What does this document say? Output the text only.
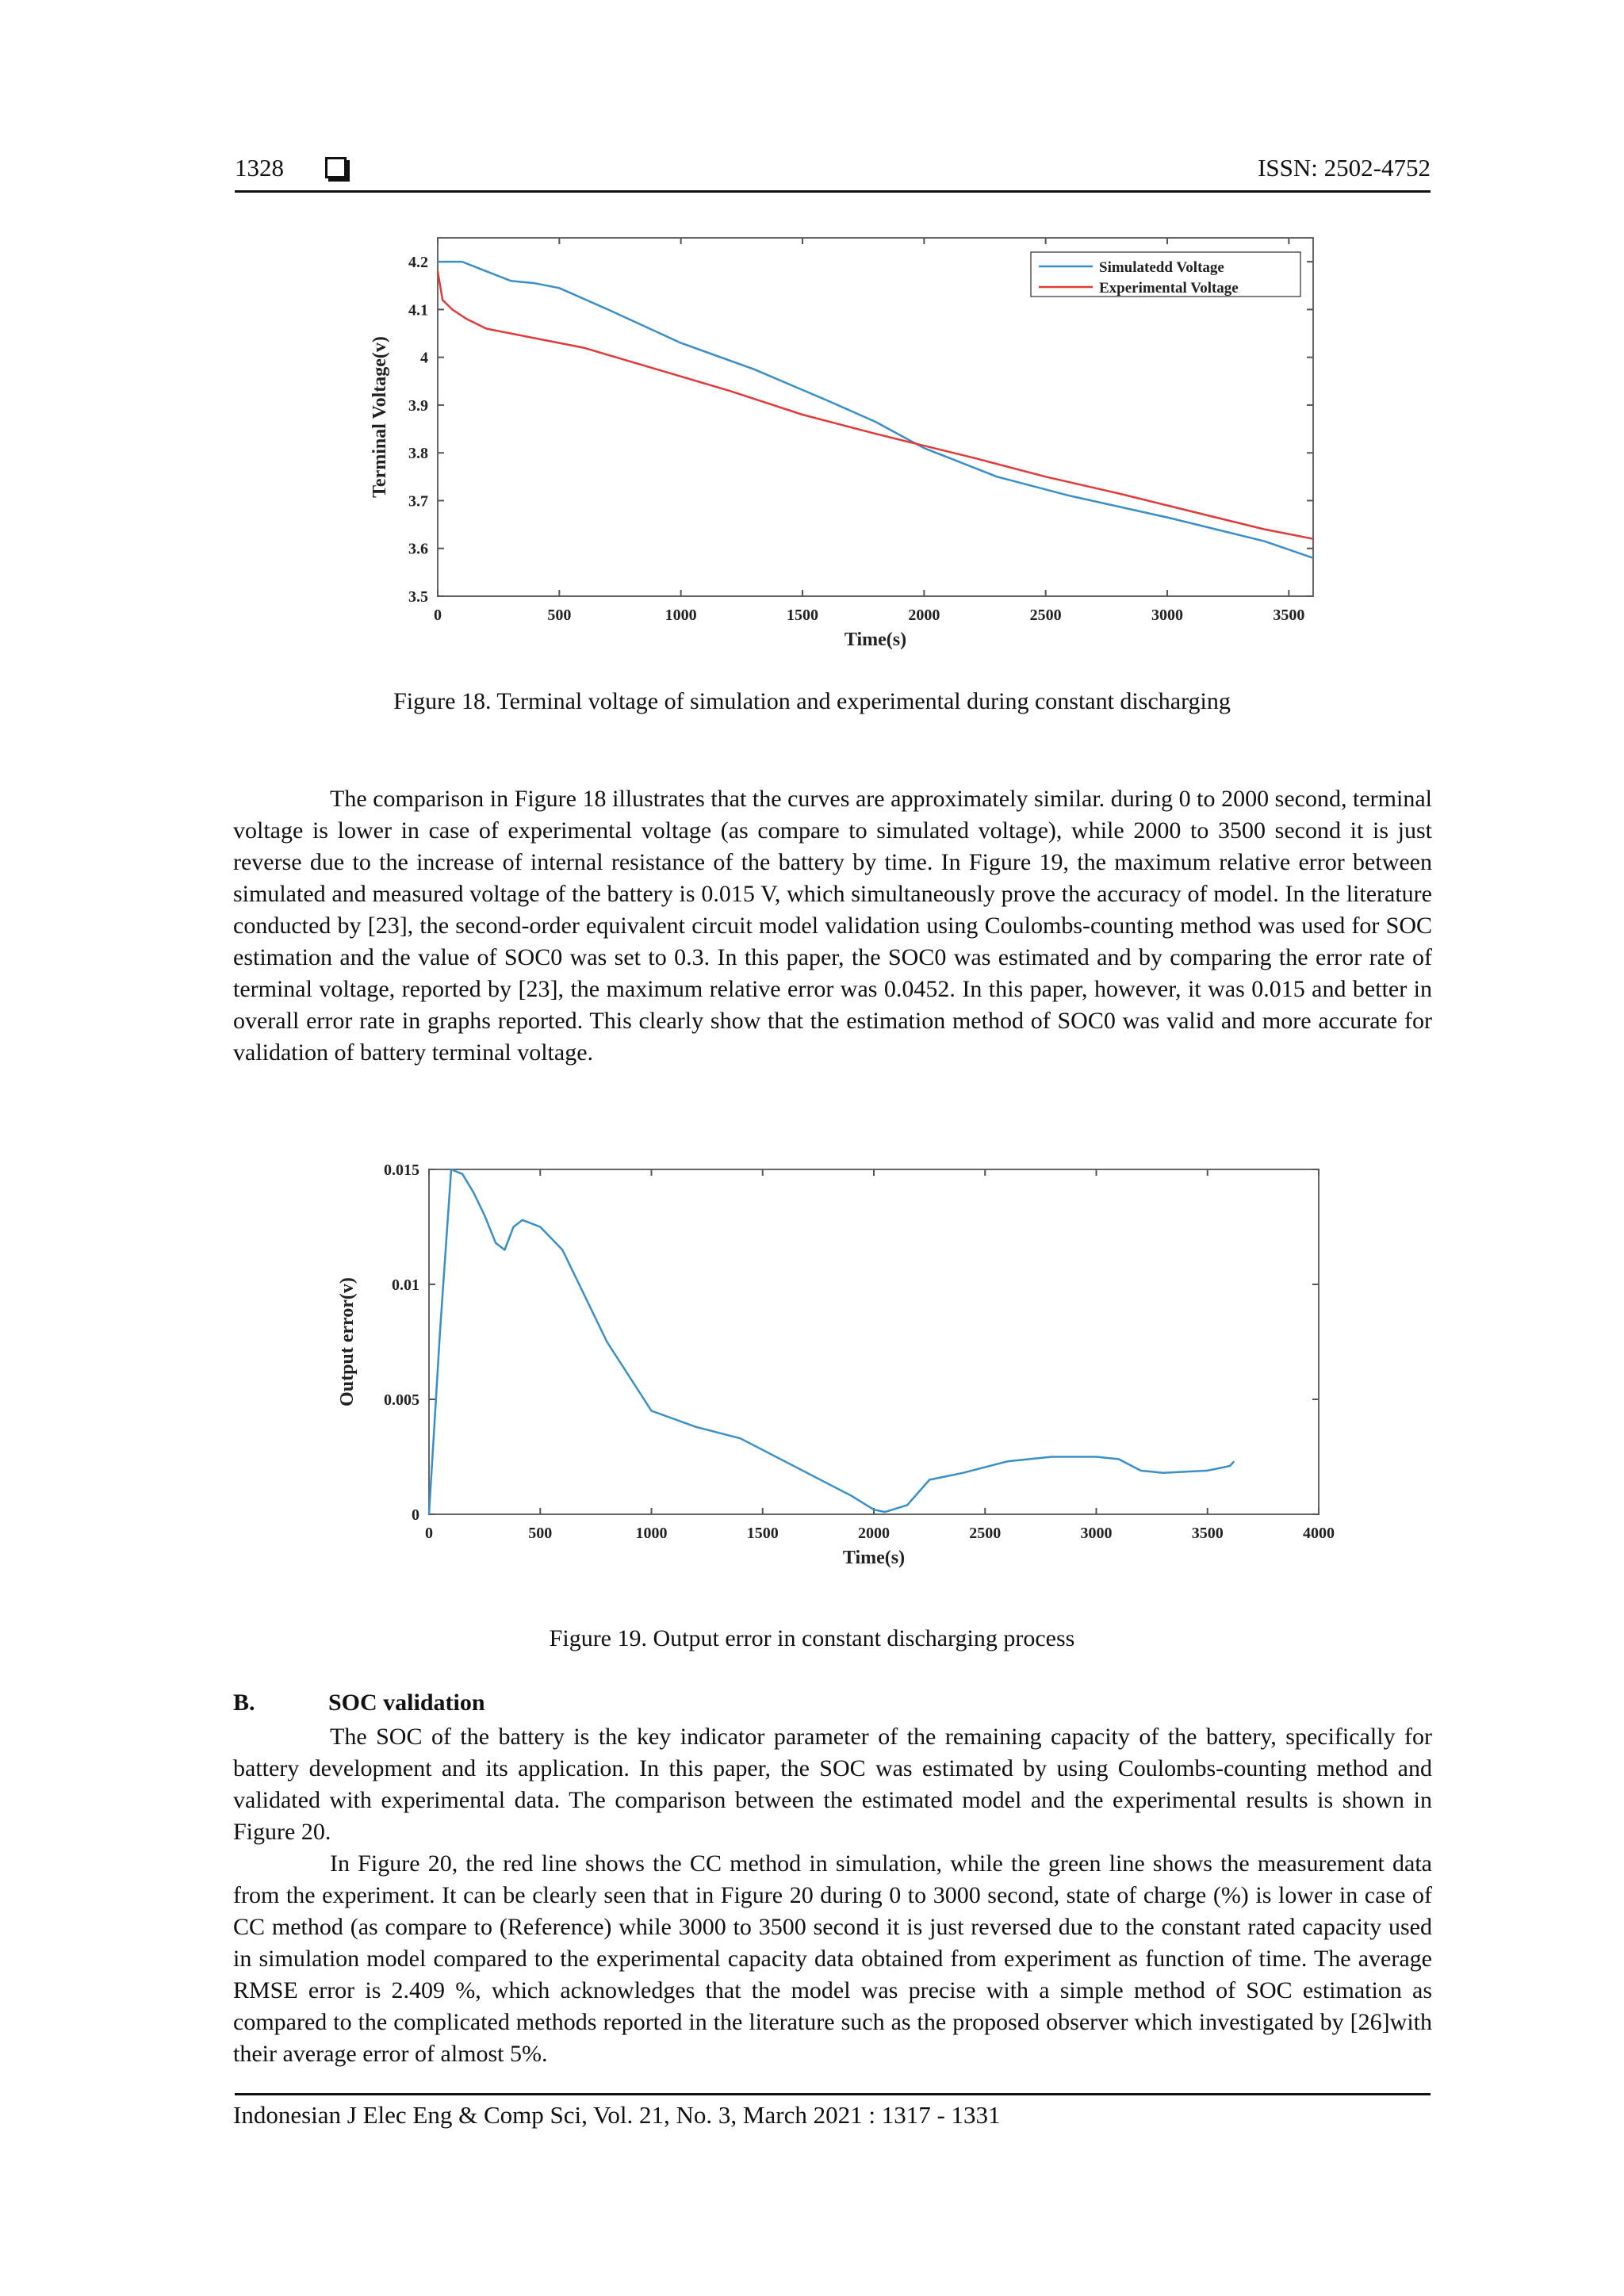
1328	ISSN: 2502-4752
0	500	1000	1500	2000	2500	3000	3500
3.5
3.6
3.7
3.8
3.9
4
4.1
4.2
Time(s)
Terminal Voltage(v)
Simulatedd Voltage
Experimental Voltage
Figure 18. Terminal voltage of simulation and experimental during constant discharging

The comparison in Figure 18 illustrates that the curves are approximately similar. during 0 to 2000 second, terminal voltage is lower in case of experimental voltage (as compare to simulated voltage), while 2000 to 3500 second it is just reverse due to the increase of internal resistance of the battery by time. In Figure 19, the maximum relative error between simulated and measured voltage of the battery is 0.015 V, which simultaneously prove the accuracy of model. In the literature conducted by [23], the second-order equivalent circuit model validation using Coulombs-counting method was used for SOC estimation and the value of SOC0 was set to 0.3. In this paper, the SOC0 was estimated and by comparing the error rate of terminal voltage, reported by [23], the maximum relative error was 0.0452. In this paper, however, it was 0.015 and better in overall error rate in graphs reported. This clearly show that the estimation method of SOC0 was valid and more accurate for validation of battery terminal voltage.

0	500	1000	1500	2000	2500	3000	3500	4000
0
0.005
0.01
0.015
Time(s)
Output error(v)
Figure 19. Output error in constant discharging process
B.	SOC validation

The SOC of the battery is the key indicator parameter of the remaining capacity of the battery, specifically for battery development and its application. In this paper, the SOC was estimated by using Coulombs-counting method and validated with experimental data. The comparison between the estimated model and the experimental results is shown in Figure 20.

In Figure 20, the red line shows the CC method in simulation, while the green line shows the measurement data from the experiment. It can be clearly seen that in Figure 20 during 0 to 3000 second, state of charge (%) is lower in case of CC method (as compare to (Reference) while 3000 to 3500 second it is just reversed due to the constant rated capacity used in simulation model compared to the experimental capacity data obtained from experiment as function of time. The average RMSE error is 2.409 %, which acknowledges that the model was precise with a simple method of SOC estimation as compared to the complicated methods reported in the literature such as the proposed observer which investigated by [26]with their average error of almost 5%.

Indonesian J Elec Eng & Comp Sci, Vol. 21, No. 3, March 2021 : 1317 - 1331
